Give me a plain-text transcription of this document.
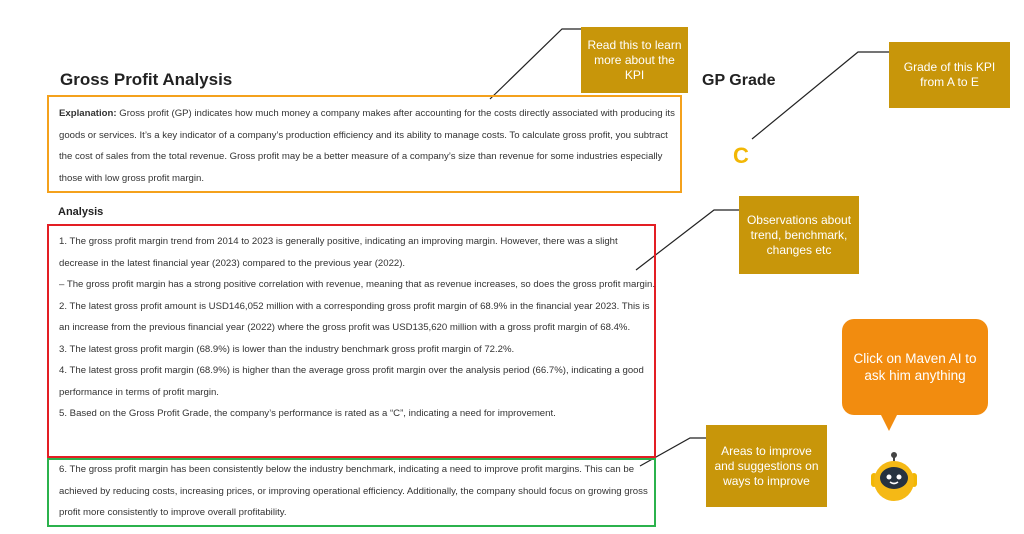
Gross Profit Analysis	GP Grade
C
Explanation: Gross profit (GP) indicates how much money a company makes after accounting for the costs directly associated with producing its goods or services. It’s a key indicator of a company’s production efficiency and its ability to manage costs. To calculate gross profit, you subtract the cost of sales from the total revenue. Gross profit may be a better measure of a company’s size than revenue for some industries especially those with low gross profit margin.
Analysis
1. The gross profit margin trend from 2014 to 2023 is generally positive, indicating an improving margin. However, there was a slight decrease in the latest financial year (2023) compared to the previous year (2022).
– The gross profit margin has a strong positive correlation with revenue, meaning that as revenue increases, so does the gross profit margin.
2. The latest gross profit amount is USD146,052 million with a corresponding gross profit margin of 68.9% in the financial year 2023. This is an increase from the previous financial year (2022) where the gross profit was USD135,620 million with a gross profit margin of 68.4%.
3. The latest gross profit margin (68.9%) is lower than the industry benchmark gross profit margin of 72.2%.
4. The latest gross profit margin (68.9%) is higher than the average gross profit margin over the analysis period (66.7%), indicating a good performance in terms of profit margin.
5. Based on the Gross Profit Grade, the company’s performance is rated as a “C”, indicating a need for improvement.
6. The gross profit margin has been consistently below the industry benchmark, indicating a need to improve profit margins. This can be achieved by reducing costs, increasing prices, or improving operational efficiency. Additionally, the company should focus on growing gross profit more consistently to improve overall profitability.
Read this to learn more about the KPI
Grade of this KPI from A to E
Observations about trend, benchmark, changes etc
Areas to improve and suggestions on ways to improve
Click on Maven AI to ask him anything
